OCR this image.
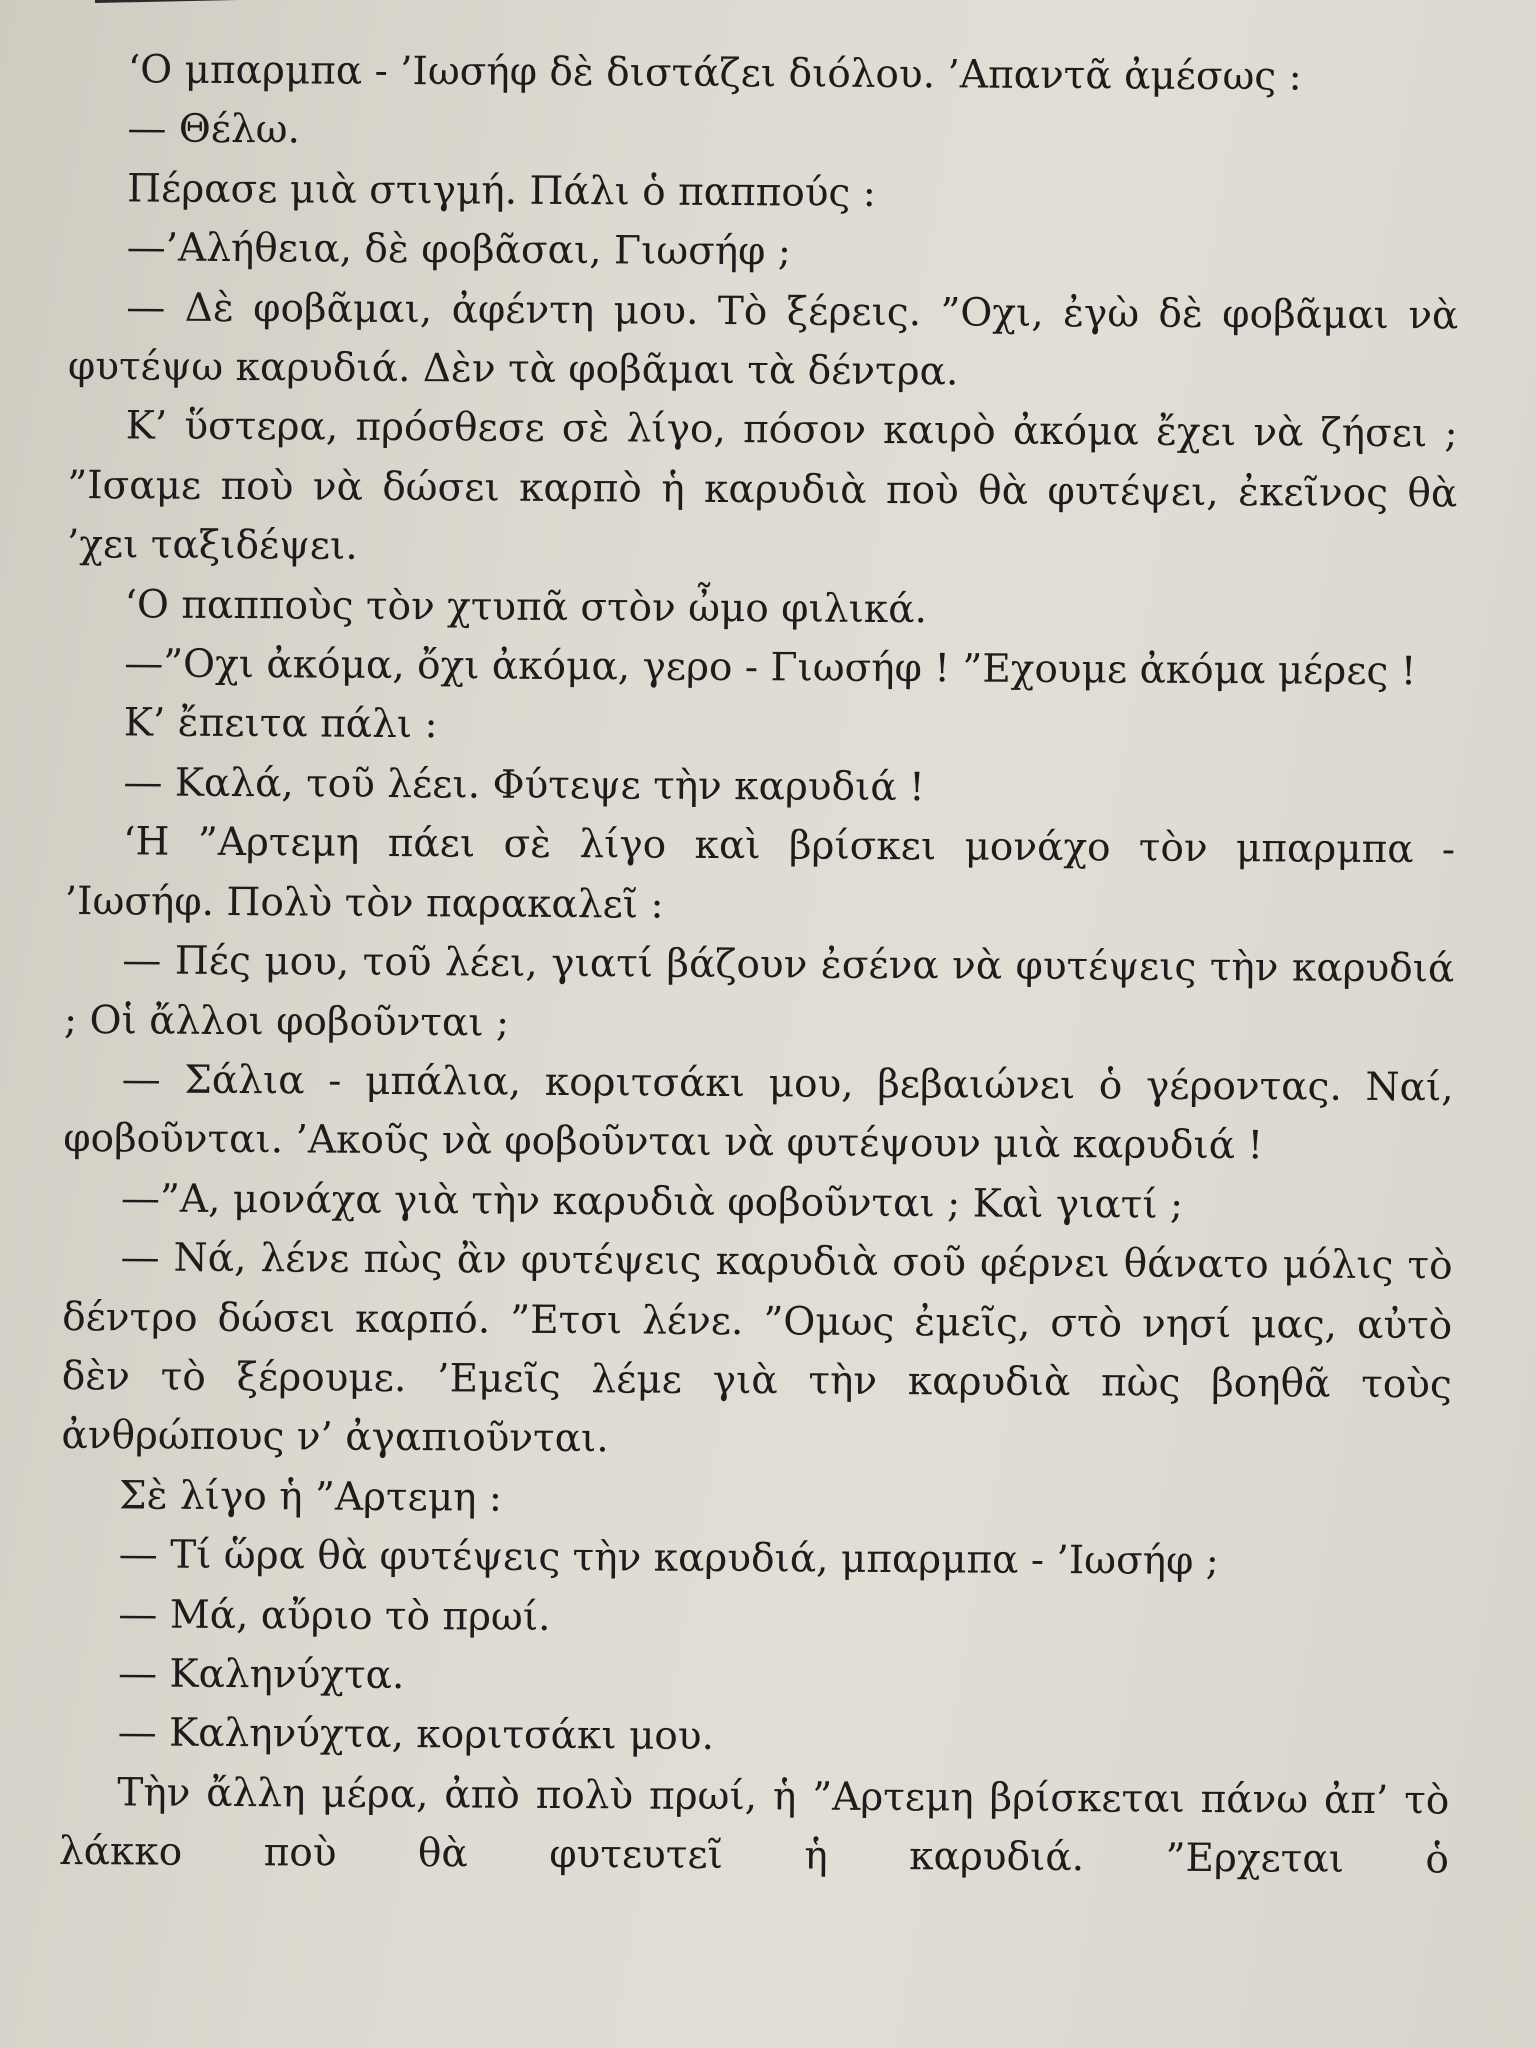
‘Ο μπαρμπα - ’Ιωσήφ δὲ διστάζει διόλου. ’Απαντᾶ ἀμέσως :

— Θέλω.

Πέρασε μιὰ στιγμή. Πάλι ὁ παππούς :

—’Αλήθεια, δὲ φοβᾶσαι, Γιωσήφ ;

— Δὲ φοβᾶμαι, ἀφέντη μου. Τὸ ξέρεις. ”Οχι, ἐγὼ δὲ φοβᾶμαι νὰ φυτέψω καρυδιά. Δὲν τὰ φοβᾶμαι τὰ δέντρα.

Κ’ ὕστερα, πρόσθεσε σὲ λίγο, πόσον καιρὸ ἀκόμα ἔχει νὰ ζήσει ; ”Ισαμε ποὺ νὰ δώσει καρπὸ ἡ καρυδιὰ ποὺ θὰ φυτέψει, ἐκεῖνος θὰ ’χει ταξιδέψει.

‘Ο παπποὺς τὸν χτυπᾶ στὸν ὦμο φιλικά.

—”Οχι ἀκόμα, ὄχι ἀκόμα, γερο - Γιωσήφ ! ”Εχουμε ἀκόμα μέρες !

Κ’ ἔπειτα πάλι :

— Καλά, τοῦ λέει. Φύτεψε τὴν καρυδιά !

‘Η ”Αρτεμη πάει σὲ λίγο καὶ βρίσκει μονάχο τὸν μπαρμπα - ’Ιωσήφ. Πολὺ τὸν παρακαλεῖ :

— Πές μου, τοῦ λέει, γιατί βάζουν ἐσένα νὰ φυτέψεις τὴν καρυδιά ; Οἱ ἄλλοι φοβοῦνται ;

— Σάλια - μπάλια, κοριτσάκι μου, βεβαιώνει ὁ γέροντας. Ναί, φοβοῦνται. ’Ακοῦς νὰ φοβοῦνται νὰ φυτέψουν μιὰ καρυδιά !

—”Α, μονάχα γιὰ τὴν καρυδιὰ φοβοῦνται ; Καὶ γιατί ;

— Νά, λένε πὼς ἂν φυτέψεις καρυδιὰ σοῦ φέρνει θάνατο μόλις τὸ δέντρο δώσει καρπό. ”Ετσι λένε. ”Ομως ἐμεῖς, στὸ νησί μας, αὐτὸ δὲν τὸ ξέρουμε. ’Εμεῖς λέμε γιὰ τὴν καρυδιὰ πὼς βοηθᾶ τοὺς ἀνθρώπους ν’ ἀγαπιοῦνται.

Σὲ λίγο ἡ ”Αρτεμη :

— Τί ὥρα θὰ φυτέψεις τὴν καρυδιά, μπαρμπα - ’Ιωσήφ ;

— Μά, αὔριο τὸ πρωί.

— Καληνύχτα.

— Καληνύχτα, κοριτσάκι μου.

Τὴν ἄλλη μέρα, ἀπὸ πολὺ πρωί, ἡ ”Αρτεμη βρίσκεται πάνω ἀπ’ τὸ λάκκο ποὺ θὰ φυτευτεῖ ἡ καρυδιά. ”Ερχεται ὁ
